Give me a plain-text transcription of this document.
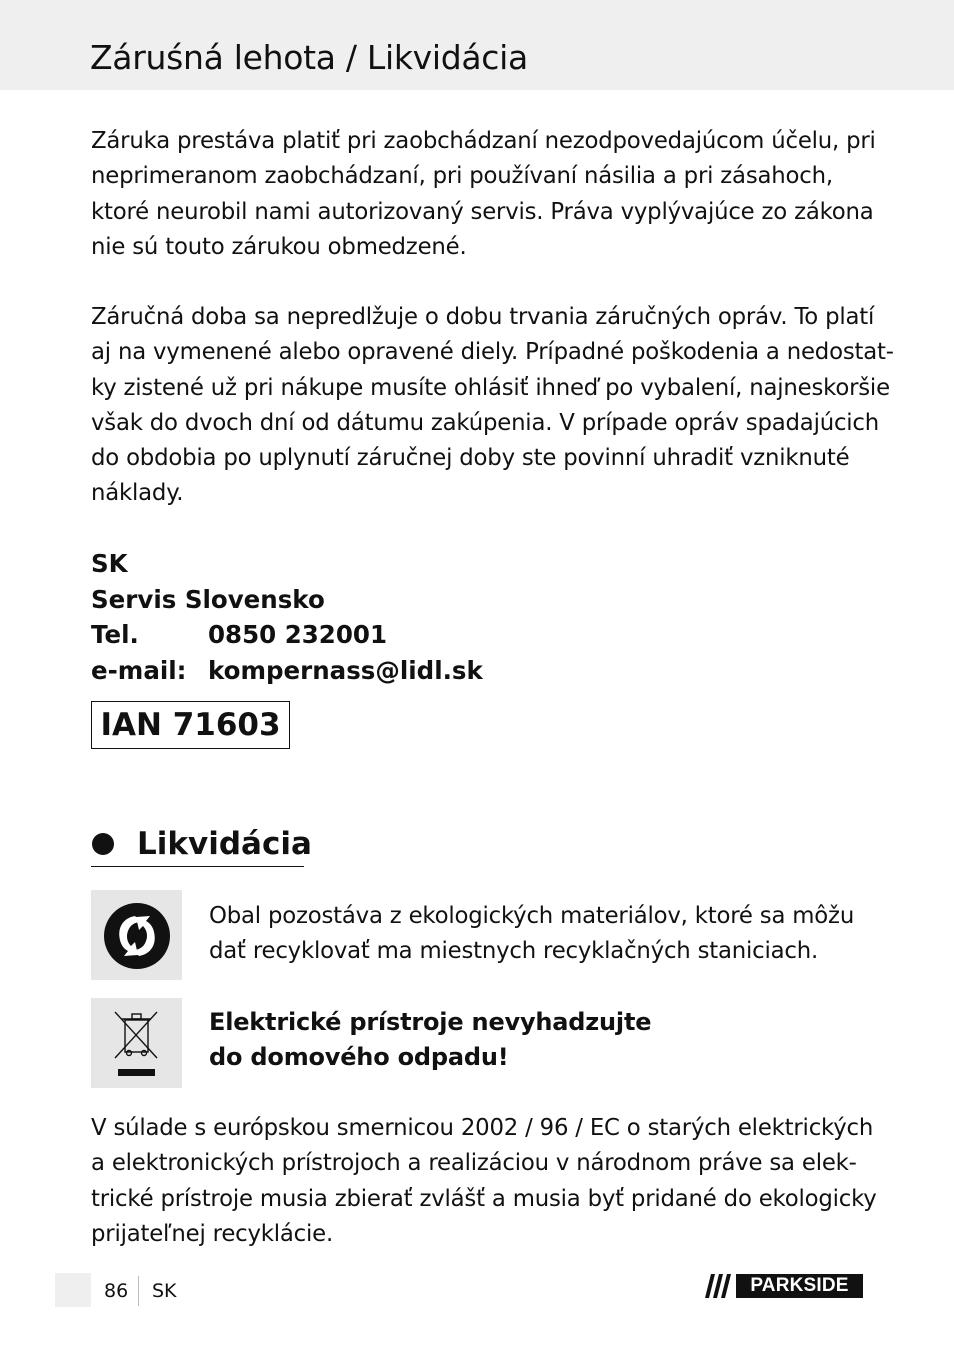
Záruśná lehota / Likvidácia
Záruka prestáva platiť pri zaobchádzaní nezodpovedajúcom účelu, pri
neprimeranom zaobchádzaní, pri používaní násilia a pri zásahoch,
ktoré neurobil nami autorizovaný servis. Práva vyplývajúce zo zákona
nie sú touto zárukou obmedzené.
Záručná doba sa nepredlžuje o dobu trvania záručných opráv. To platí
aj na vymenené alebo opravené diely. Prípadné poškodenia a nedostat-
ky zistené už pri nákupe musíte ohlásiť ihneď po vybalení, najneskoršie
však do dvoch dní od dátumu zakúpenia. V prípade opráv spadajúcich
do obdobia po uplynutí záručnej doby ste povinní uhradiť vzniknuté
náklady.
SK
Servis Slovensko
Tel.	0850 232001
e-mail: kompernass@lidl.sk
IAN 71603
Likvidácia
Obal pozostáva z ekologických materiálov, ktoré sa môžu
dať recyklovať ma miestnych recyklačných staniciach.
Elektrické prístroje nevyhadzujte
do domového odpadu!
V súlade s európskou smernicou 2002 / 96 / EC o starých elektrických
a elektronických prístrojoch a realizáciou v národnom práve sa elek-
trické prístroje musia zbierať zvlášť a musia byť pridané do ekologicky
prijateľnej recyklácie.
86 SK	PARKSIDE
